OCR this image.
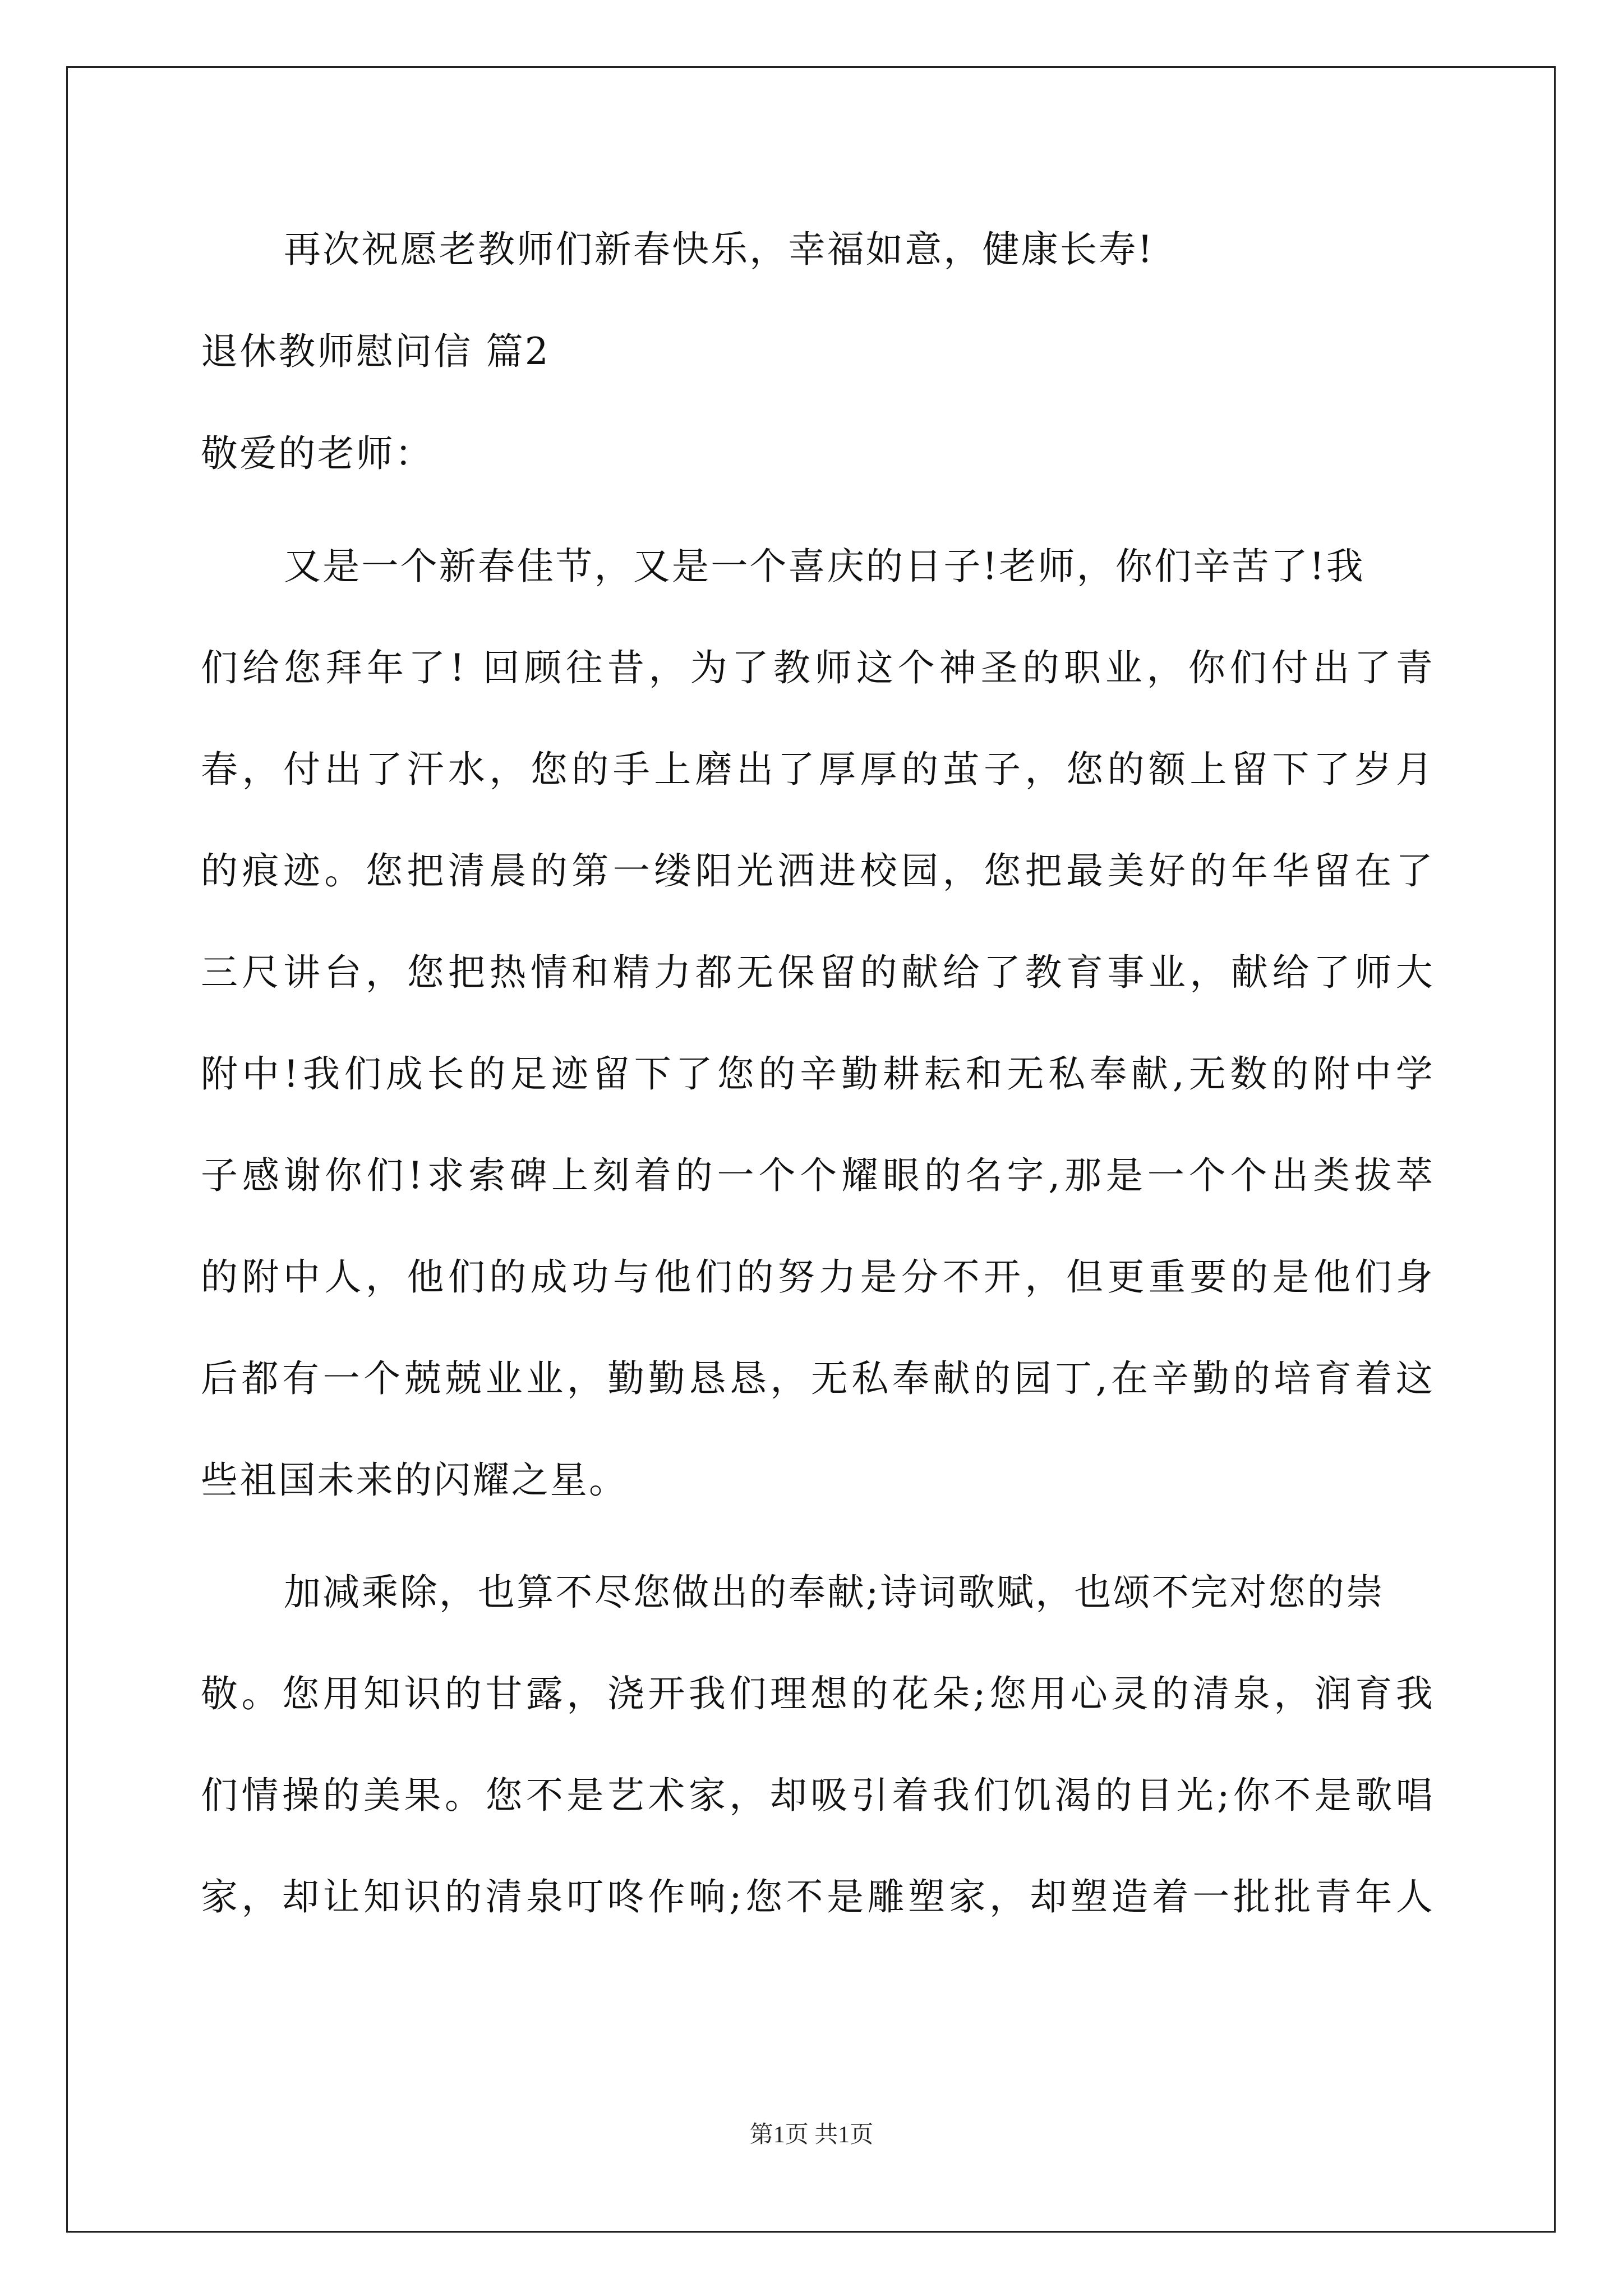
再次祝愿老教师们新春快乐，幸福如意，健康长寿!
退休教师慰问信 篇2
敬爱的老师：
又是一个新春佳节，又是一个喜庆的日子!老师，你们辛苦了!我
们给您拜年了! 回顾往昔，为了教师这个神圣的职业，你们付出了青
春，付出了汗水，您的手上磨出了厚厚的茧子，您的额上留下了岁月
的痕迹。您把清晨的第一缕阳光洒进校园，您把最美好的年华留在了
三尺讲台，您把热情和精力都无保留的献给了教育事业，献给了师大
附中!我们成长的足迹留下了您的辛勤耕耘和无私奉献,无数的附中学
子感谢你们!求索碑上刻着的一个个耀眼的名字,那是一个个出类拔萃
的附中人，他们的成功与他们的努力是分不开，但更重要的是他们身
后都有一个兢兢业业，勤勤恳恳，无私奉献的园丁,在辛勤的培育着这
些祖国未来的闪耀之星。
加减乘除，也算不尽您做出的奉献;诗词歌赋，也颂不完对您的崇
敬。您用知识的甘露，浇开我们理想的花朵;您用心灵的清泉，润育我
们情操的美果。您不是艺术家，却吸引着我们饥渴的目光;你不是歌唱
家，却让知识的清泉叮咚作响;您不是雕塑家，却塑造着一批批青年人
第1页 共1页
